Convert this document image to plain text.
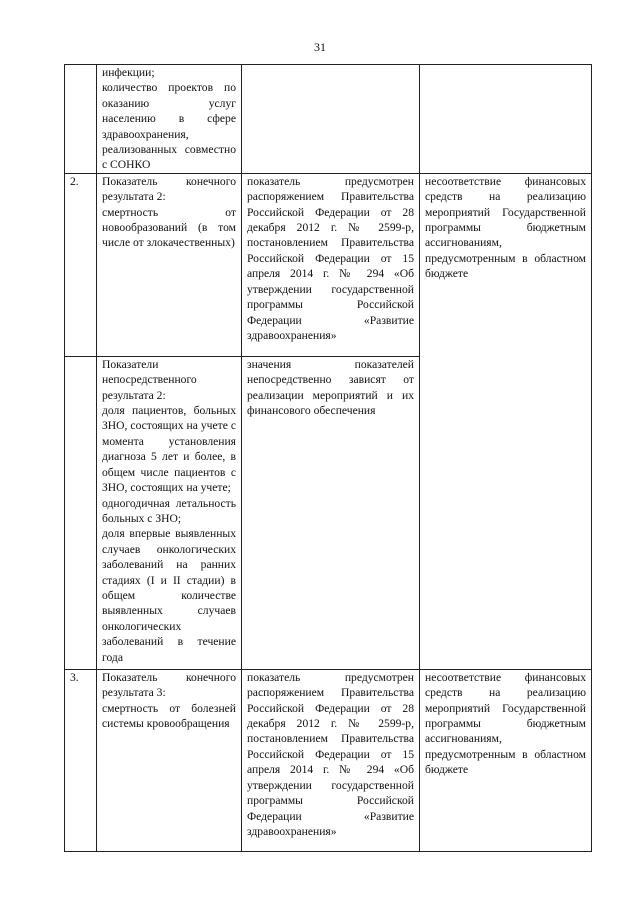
31

	инфекции;
количество проектов по оказанию услуг населению в сфере здравоохранения, реализованных совместно с СОНКО		

2.	Показатель конечного результата 2:
смертность от новообразований (в том числе от злокачественных)	показатель предусмотрен распоряжением Правительства Российской Федерации от 28 декабря 2012 г. № 2599-р, постановлением Правительства Российской Федерации от 15 апреля 2014 г. № 294 «Об утверждении государственной программы Российской Федерации «Развитие здравоохранения»	несоответствие финансовых средств на реализацию мероприятий Государственной программы бюджетным ассигнованиям, предусмотренным в областном бюджете

	Показатели непосредственного результата 2:
доля пациентов, больных ЗНО, состоящих на учете с момента установления диагноза 5 лет и более, в общем числе пациентов с ЗНО, состоящих на учете;
одногодичная летальность больных с ЗНО;
доля впервые выявленных случаев онкологических заболеваний на ранних стадиях (I и II стадии) в общем количестве выявленных случаев онкологических заболеваний в течение года	значения показателей непосредственно зависят от реализации мероприятий и их финансового обеспечения	
3.	Показатель конечного результата 3:
смертность от болезней системы кровообращения	показатель предусмотрен распоряжением Правительства Российской Федерации от 28 декабря 2012 г. № 2599-р, постановлением Правительства Российской Федерации от 15 апреля 2014 г. № 294 «Об утверждении государственной программы Российской Федерации «Развитие здравоохранения»	несоответствие финансовых средств на реализацию мероприятий Государственной программы бюджетным ассигнованиям, предусмотренным в областном бюджете
